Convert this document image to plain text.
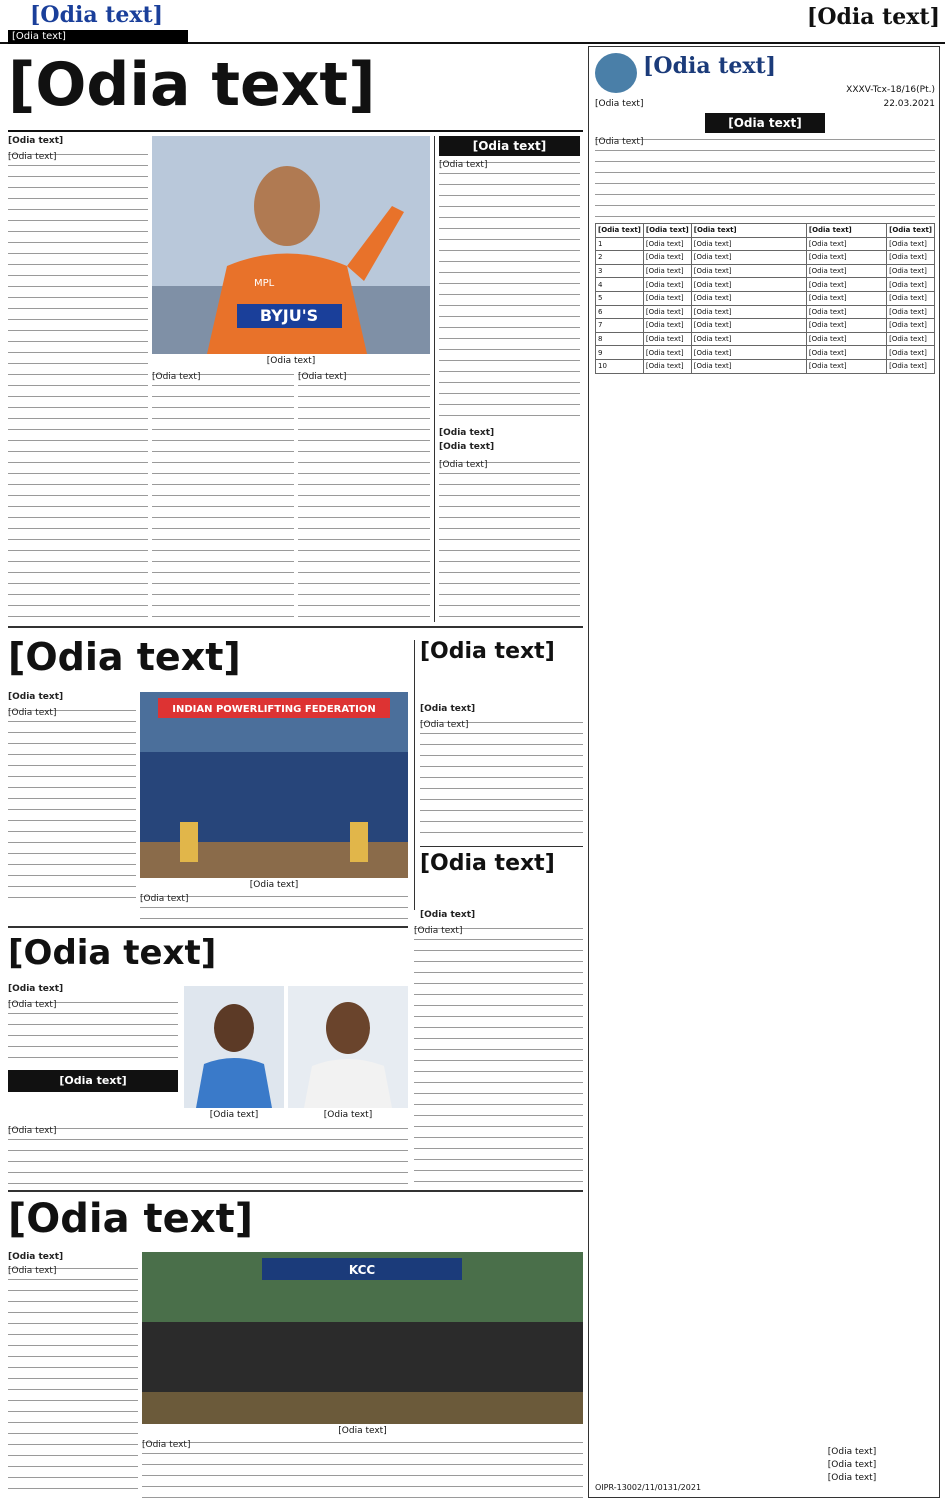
[Odia text]
[Odia text]
[Odia text]
[Odia text]
[Odia text]
[Odia text]
BYJU'S
MPL
[Odia text]
[Odia text]	[Odia text]
[Odia text]
[Odia text]
[Odia text]
[Odia text]
[Odia text]
[Odia text]
[Odia text]
[Odia text]	INDIAN POWERLIFTING FEDERATION
[Odia text]
[Odia text]
[Odia text]
[Odia text]
[Odia text]
[Odia text]
[Odia text]
[Odia text]
[Odia text]
[Odia text]
[Odia text]
[Odia text]
[Odia text]	[Odia text]
[Odia text]
[Odia text]
[Odia text]
[Odia text]	KCC
[Odia text]
[Odia text]
[Odia text]
XXXV-Tcx-18/16(Pt.)
[Odia text]	22.03.2021
[Odia text]
[Odia text]
[Odia text]	[Odia text]	[Odia text]	[Odia text]	[Odia text]
1	[Odia text]	[Odia text]	[Odia text]	[Odia text]
2	[Odia text]	[Odia text]	[Odia text]	[Odia text]
3	[Odia text]	[Odia text]	[Odia text]	[Odia text]
4	[Odia text]	[Odia text]	[Odia text]	[Odia text]
5	[Odia text]	[Odia text]	[Odia text]	[Odia text]
6	[Odia text]	[Odia text]	[Odia text]	[Odia text]
7	[Odia text]	[Odia text]	[Odia text]	[Odia text]
8	[Odia text]	[Odia text]	[Odia text]	[Odia text]
9	[Odia text]	[Odia text]	[Odia text]	[Odia text]
10	[Odia text]	[Odia text]	[Odia text]	[Odia text]
[Odia text]
[Odia text]
[Odia text]
OIPR-13002/11/0131/2021
